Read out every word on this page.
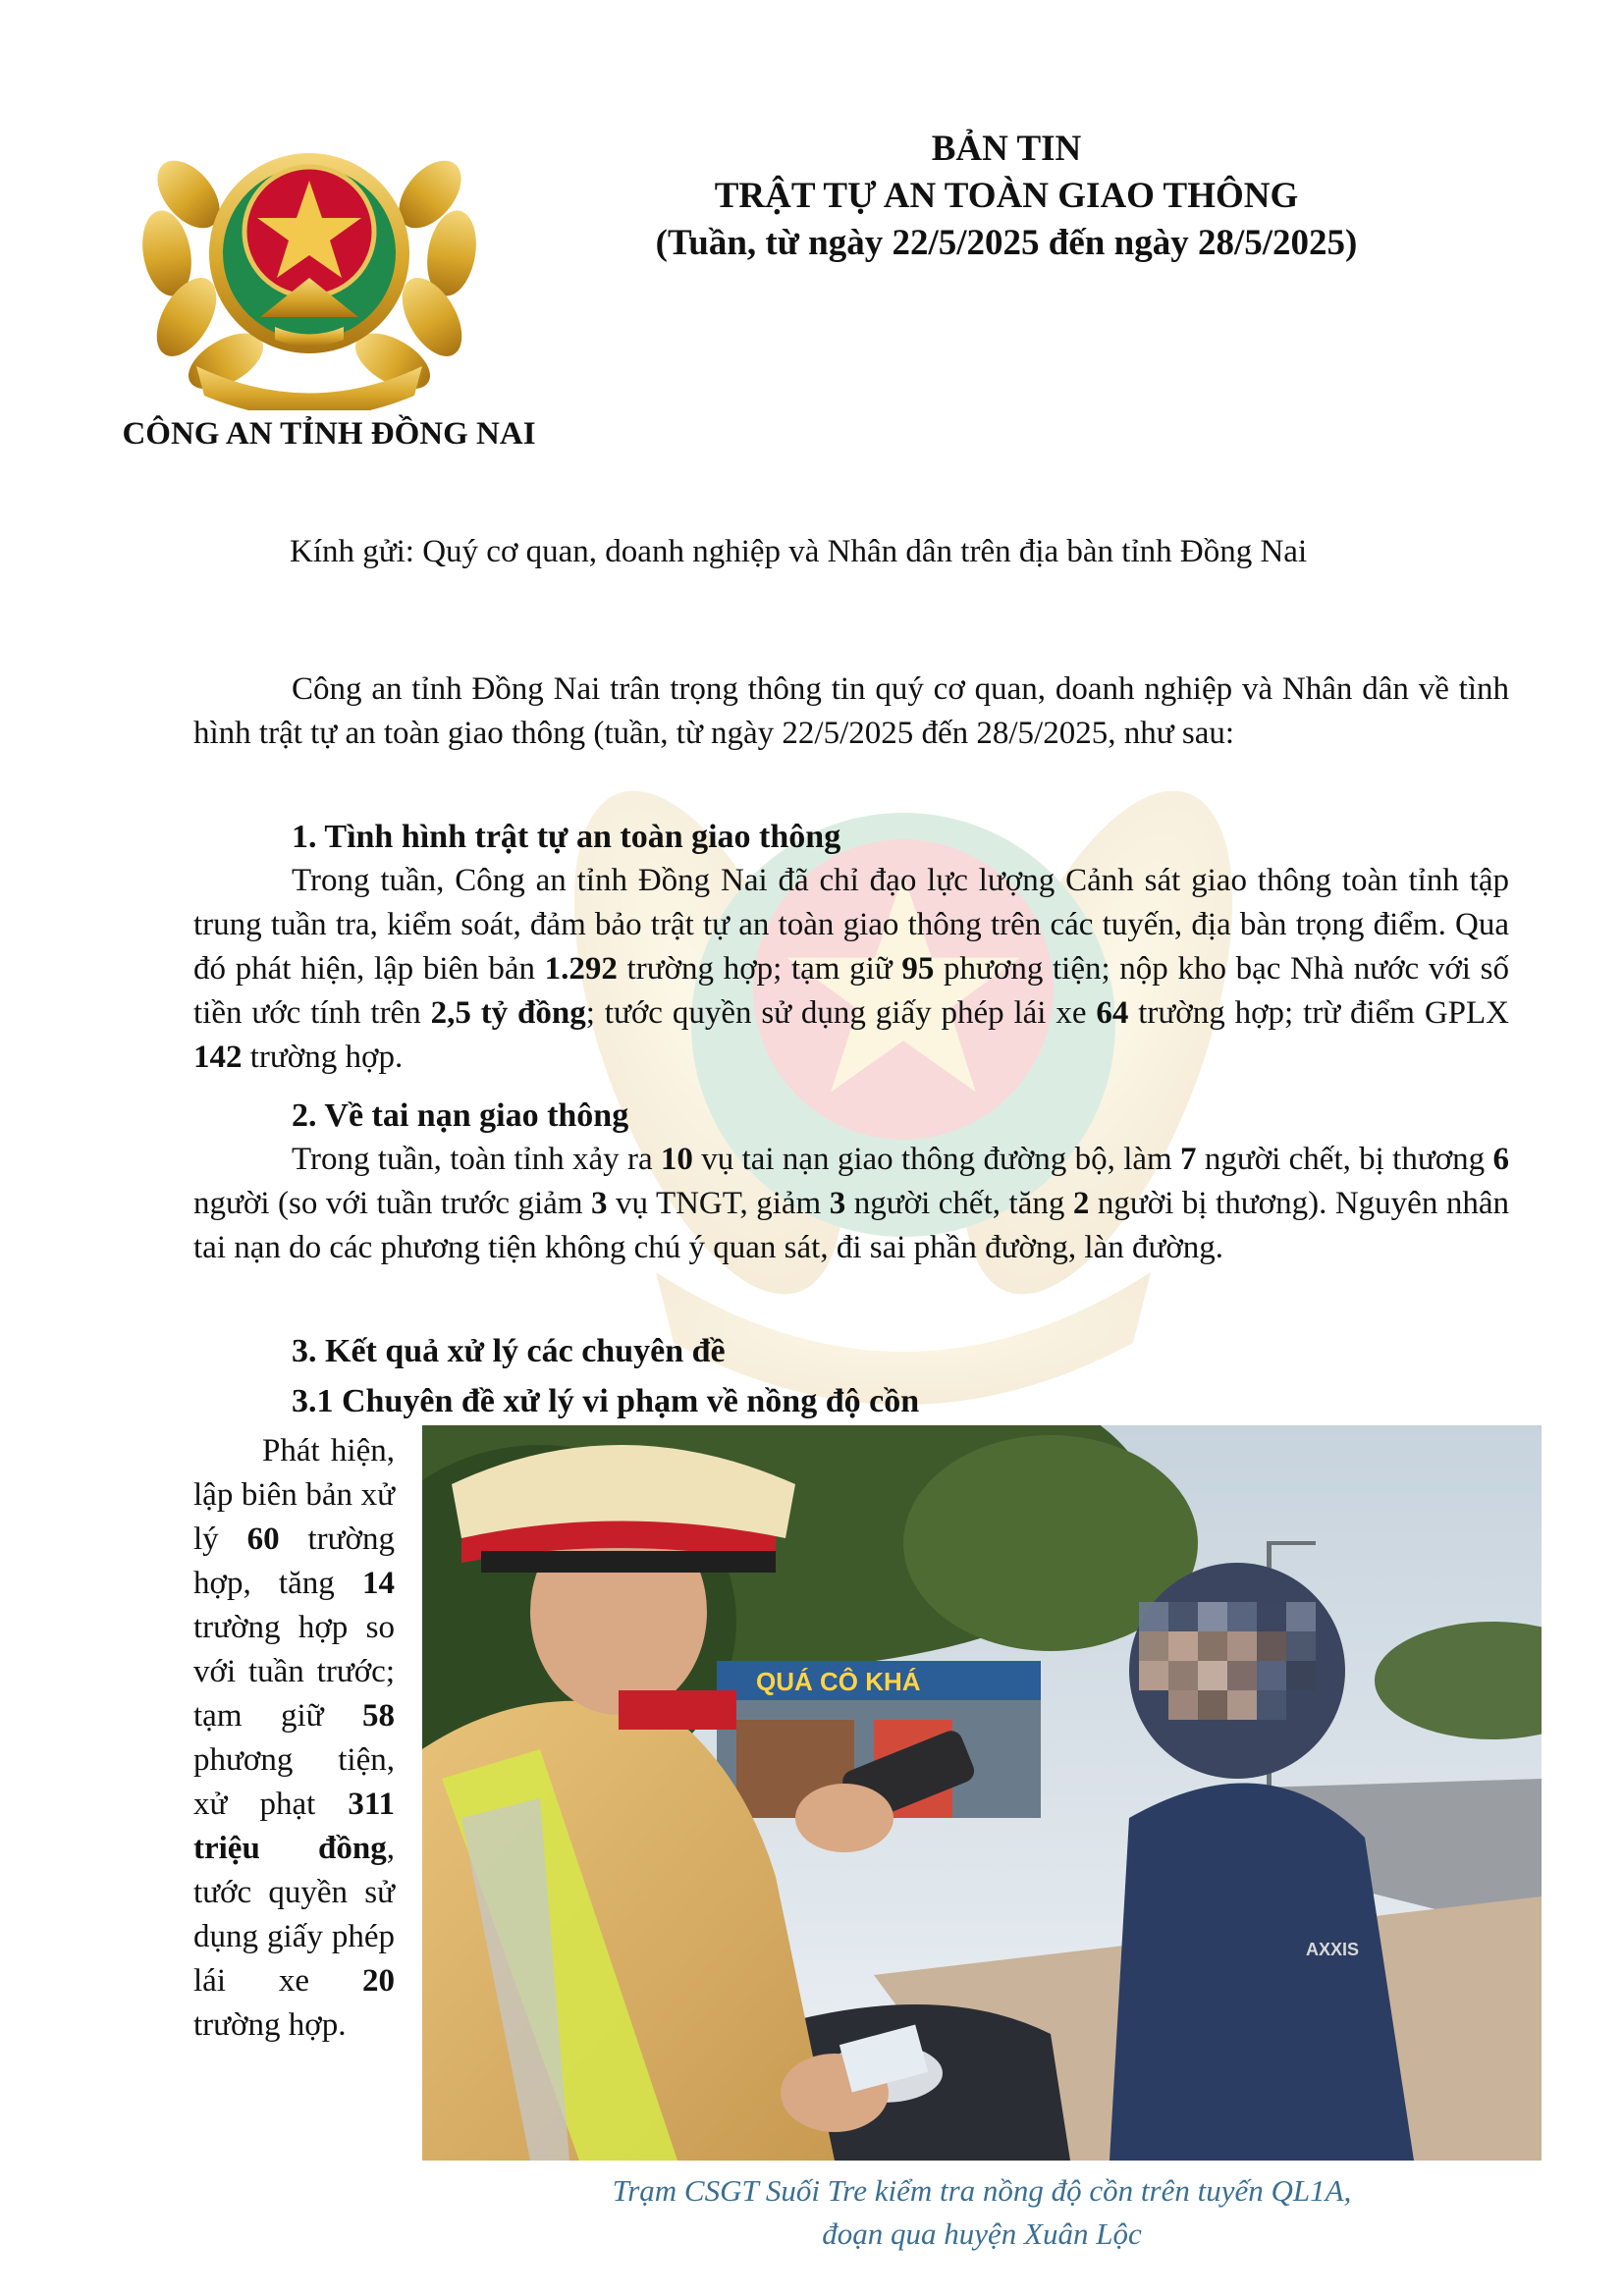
CÔNG AN TỈNH ĐỒNG NAI
BẢN TIN
TRẬT TỰ AN TOÀN GIAO THÔNG
(Tuần, từ ngày 22/5/2025 đến ngày 28/5/2025)
Kính gửi: Quý cơ quan, doanh nghiệp và Nhân dân trên địa bàn tỉnh Đồng Nai

Công an tỉnh Đồng Nai trân trọng thông tin quý cơ quan, doanh nghiệp và Nhân dân về tình hình trật tự an toàn giao thông (tuần, từ ngày 22/5/2025 đến 28/5/2025, như sau:

1. Tình hình trật tự an toàn giao thông

Trong tuần, Công an tỉnh Đồng Nai đã chỉ đạo lực lượng Cảnh sát giao thông toàn tỉnh tập trung tuần tra, kiểm soát, đảm bảo trật tự an toàn giao thông trên các tuyến, địa bàn trọng điểm. Qua đó phát hiện, lập biên bản 1.292 trường hợp; tạm giữ 95 phương tiện; nộp kho bạc Nhà nước với số tiền ước tính trên 2,5 tỷ đồng; tước quyền sử dụng giấy phép lái xe 64 trường hợp; trừ điểm GPLX 142 trường hợp.

2. Về tai nạn giao thông

Trong tuần, toàn tỉnh xảy ra 10 vụ tai nạn giao thông đường bộ, làm 7 người chết, bị thương 6 người (so với tuần trước giảm 3 vụ TNGT, giảm 3 người chết, tăng 2 người bị thương). Nguyên nhân tai nạn do các phương tiện không chú ý quan sát, đi sai phần đường, làn đường.

3. Kết quả xử lý các chuyên đề

3.1 Chuyên đề xử lý vi phạm về nồng độ cồn

Phát hiện, lập biên bản xử lý 60 trường hợp, tăng 14 trường hợp so với tuần trước; tạm giữ 58 phương tiện, xử phạt 311 triệu đồng, tước quyền sử dụng giấy phép lái xe 20 trường hợp.
QUÁ CÔ KHÁ
AXXIS
Trạm CSGT Suối Tre kiểm tra nồng độ cồn trên tuyến QL1A,
đoạn qua huyện Xuân Lộc
